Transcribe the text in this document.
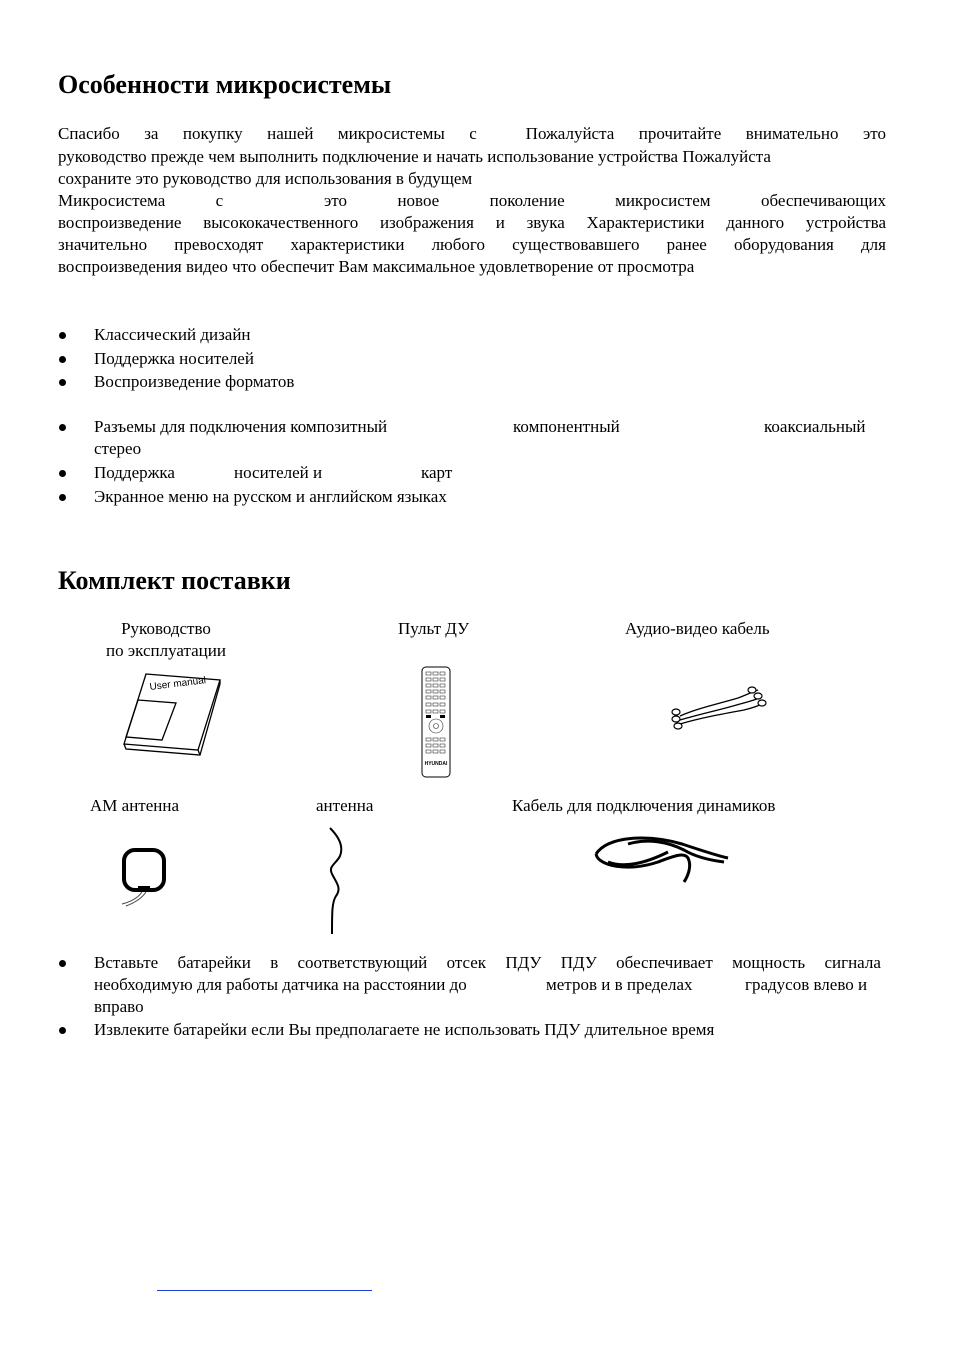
Особенности микросистемы
Спасибо за покупку нашей микросистемы с	Пожалуйста прочитайте внимательно это
руководство прежде чем выполнить подключение и начать использование устройства Пожалуйста
сохраните это руководство для использования в будущем
Микросистема	с	это	новое	поколение	микросистем	обеспечивающих
воспроизведение высококачественного изображения и звука Характеристики данного устройства
значительно превосходят характеристики любого существовавшего ранее оборудования для
воспроизведения видео что обеспечит Вам максимальное удовлетворение от просмотра
Классический дизайн
Поддержка носителей
Воспроизведение форматов
Разъемы для подключения композитный	компонентный	коаксиальный
стерео
Поддержка	носителей и	карт
Экранное меню на русском и английском языках
Комплект поставки
Руководство
по эксплуатации
Пульт ДУ	Аудио-видео кабель
User manual
HYUNDAI
АМ антенна	антенна	Кабель для подключения динамиков
Вставьте батарейки в соответствующий отсек ПДУ ПДУ обеспечивает мощность сигнала
необходимую для работы датчика на расстоянии до	метров и в пределах	градусов влево и
вправо
Извлеките батарейки если Вы предполагаете не использовать ПДУ длительное время
